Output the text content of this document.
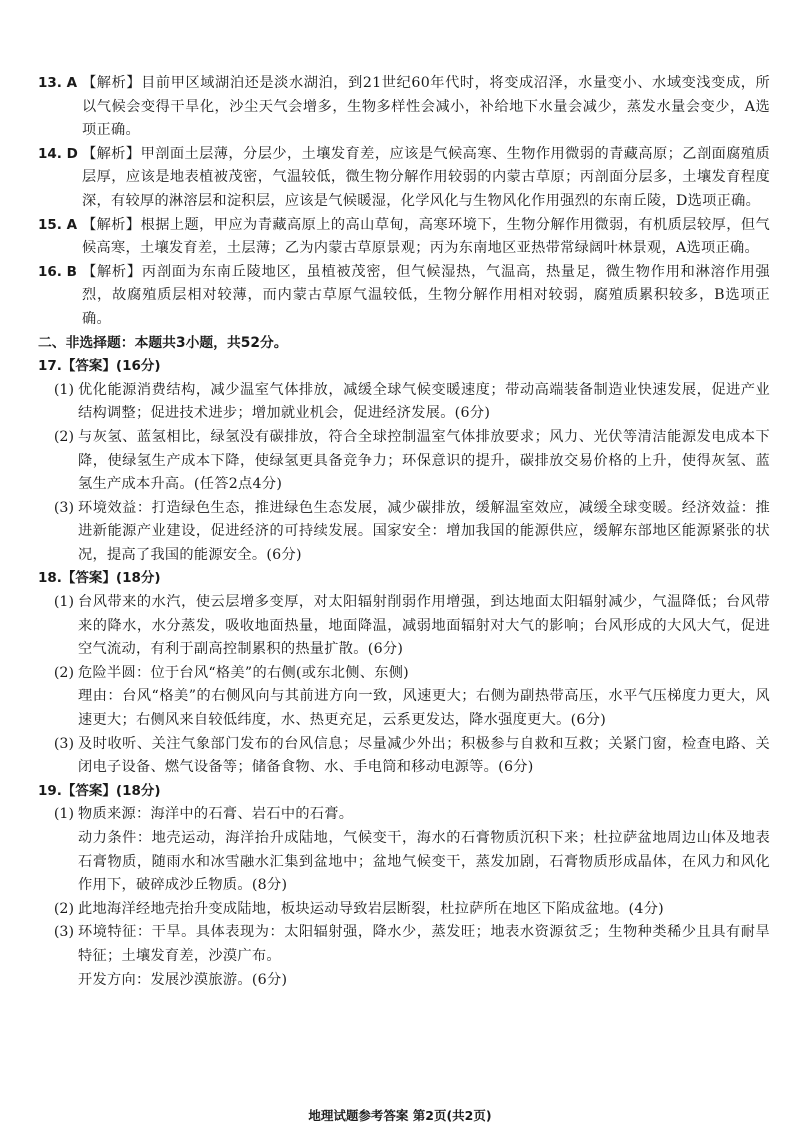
13. A 【解析】目前甲区域湖泊还是淡水湖泊，到21世纪60年代时，将变成沼泽，水量变小、水域变浅变成，所以气候会变得干旱化，沙尘天气会增多，生物多样性会减小，补给地下水量会减少，蒸发水量会变少，A选项正确。

14. D 【解析】甲剖面土层薄，分层少，土壤发育差，应该是气候高寒、生物作用微弱的青藏高原；乙剖面腐殖质层厚，应该是地表植被茂密，气温较低，微生物分解作用较弱的内蒙古草原；丙剖面分层多，土壤发育程度深，有较厚的淋溶层和淀积层，应该是气候暖湿，化学风化与生物风化作用强烈的东南丘陵，D选项正确。

15. A 【解析】根据上题，甲应为青藏高原上的高山草甸，高寒环境下，生物分解作用微弱，有机质层较厚，但气候高寒，土壤发育差，土层薄；乙为内蒙古草原景观；丙为东南地区亚热带常绿阔叶林景观，A选项正确。

16. B 【解析】丙剖面为东南丘陵地区，虽植被茂密，但气候湿热，气温高，热量足，微生物作用和淋溶作用强烈，故腐殖质层相对较薄，而内蒙古草原气温较低，生物分解作用相对较弱，腐殖质累积较多，B选项正确。

二、非选择题：本题共3小题，共52分。

17.【答案】(16分)

(1) 优化能源消费结构，减少温室气体排放，减缓全球气候变暖速度；带动高端装备制造业快速发展，促进产业结构调整；促进技术进步；增加就业机会，促进经济发展。(6分)

(2) 与灰氢、蓝氢相比，绿氢没有碳排放，符合全球控制温室气体排放要求；风力、光伏等清洁能源发电成本下降，使绿氢生产成本下降，使绿氢更具备竞争力；环保意识的提升，碳排放交易价格的上升，使得灰氢、蓝氢生产成本升高。(任答2点4分)

(3) 环境效益：打造绿色生态，推进绿色生态发展，减少碳排放，缓解温室效应，减缓全球变暖。经济效益：推进新能源产业建设，促进经济的可持续发展。国家安全：增加我国的能源供应，缓解东部地区能源紧张的状况，提高了我国的能源安全。(6分)

18.【答案】(18分)

(1) 台风带来的水汽，使云层增多变厚，对太阳辐射削弱作用增强，到达地面太阳辐射减少，气温降低；台风带来的降水，水分蒸发，吸收地面热量，地面降温，减弱地面辐射对大气的影响；台风形成的大风大气，促进空气流动，有利于副高控制累积的热量扩散。(6分)

(2) 危险半圆：位于台风“格美”的右侧(或东北侧、东侧)

理由：台风“格美”的右侧风向与其前进方向一致，风速更大；右侧为副热带高压，水平气压梯度力更大，风速更大；右侧风来自较低纬度，水、热更充足，云系更发达，降水强度更大。(6分)

(3) 及时收听、关注气象部门发布的台风信息；尽量减少外出；积极参与自救和互救；关紧门窗，检查电路、关闭电子设备、燃气设备等；储备食物、水、手电筒和移动电源等。(6分)

19.【答案】(18分)

(1) 物质来源：海洋中的石膏、岩石中的石膏。

动力条件：地壳运动，海洋抬升成陆地，气候变干，海水的石膏物质沉积下来；杜拉萨盆地周边山体及地表石膏物质，随雨水和冰雪融水汇集到盆地中；盆地气候变干，蒸发加剧，石膏物质形成晶体，在风力和风化作用下，破碎成沙丘物质。(8分)

(2) 此地海洋经地壳抬升变成陆地，板块运动导致岩层断裂，杜拉萨所在地区下陷成盆地。(4分)

(3) 环境特征：干旱。具体表现为：太阳辐射强，降水少，蒸发旺；地表水资源贫乏；生物种类稀少且具有耐旱特征；土壤发育差，沙漠广布。

开发方向：发展沙漠旅游。(6分)

地理试题参考答案 第2页(共2页)
